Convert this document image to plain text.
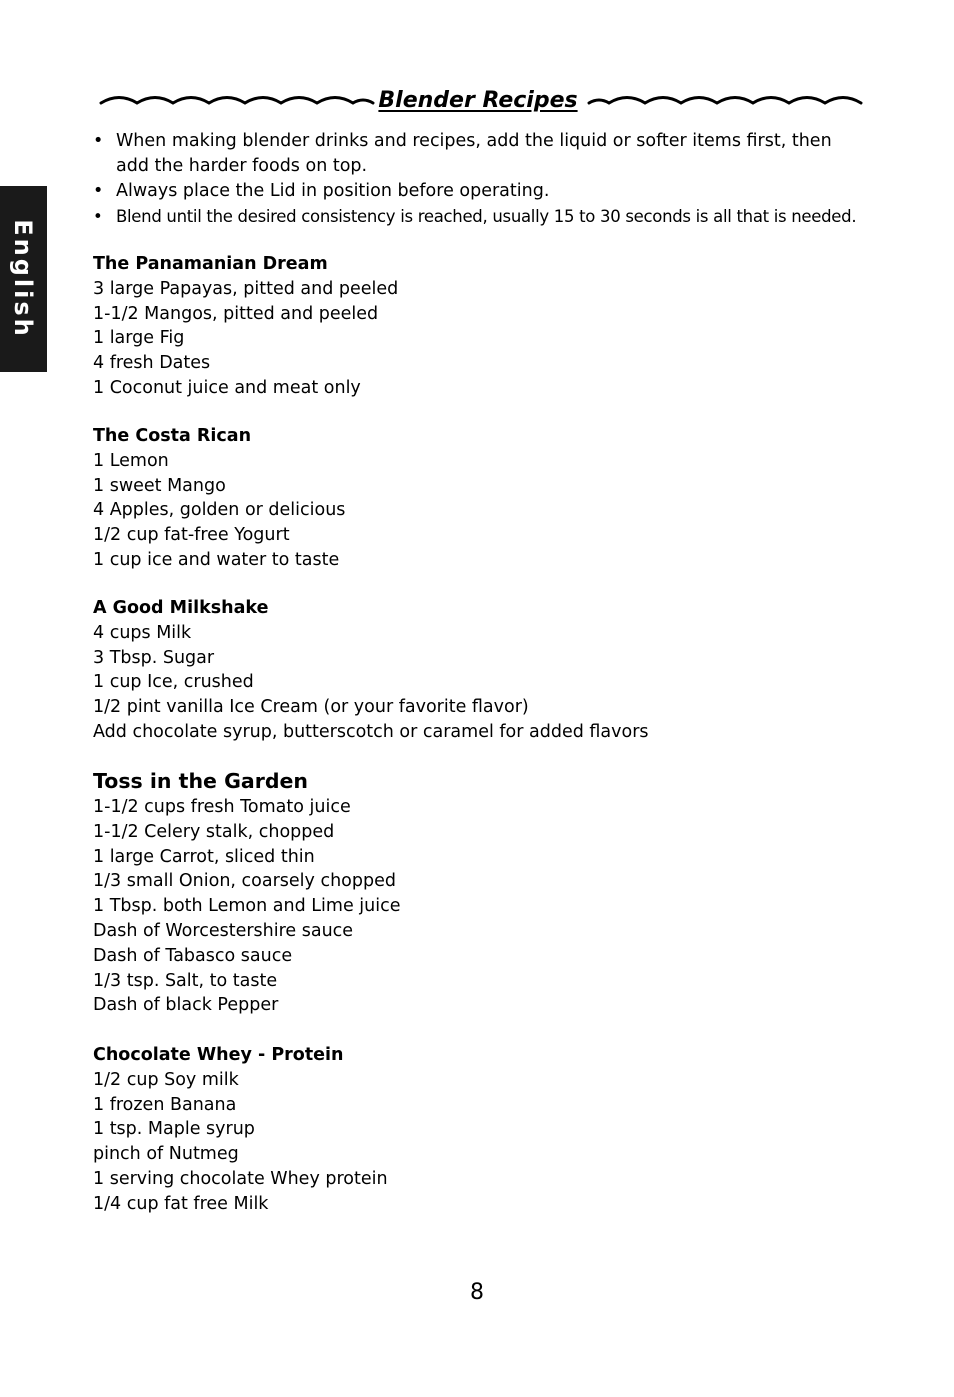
English
Blender Recipes
• When making blender drinks and recipes, add the liquid or softer items first, then add the harder foods on top.
• Always place the Lid in position before operating.
• Blend until the desired consistency is reached, usually 15 to 30 seconds is all that is needed.
The Panamanian Dream
3 large Papayas, pitted and peeled
1-1/2 Mangos, pitted and peeled
1 large Fig
4 fresh Dates
1 Coconut juice and meat only
The Costa Rican
1 Lemon
1 sweet Mango
4 Apples, golden or delicious
1/2 cup fat-free Yogurt
1 cup ice and water to taste
A Good Milkshake
4 cups Milk
3 Tbsp. Sugar
1 cup Ice, crushed
1/2 pint vanilla Ice Cream (or your favorite flavor)
Add chocolate syrup, butterscotch or caramel for added flavors
Toss in the Garden
1-1/2 cups fresh Tomato juice
1-1/2 Celery stalk, chopped
1 large Carrot, sliced thin
1/3 small Onion, coarsely chopped
1 Tbsp. both Lemon and Lime juice
Dash of Worcestershire sauce
Dash of Tabasco sauce
1/3 tsp. Salt, to taste
Dash of black Pepper
Chocolate Whey - Protein
1/2 cup Soy milk
1 frozen Banana
1 tsp. Maple syrup
pinch of Nutmeg
1 serving chocolate Whey protein
1/4 cup fat free Milk
8
